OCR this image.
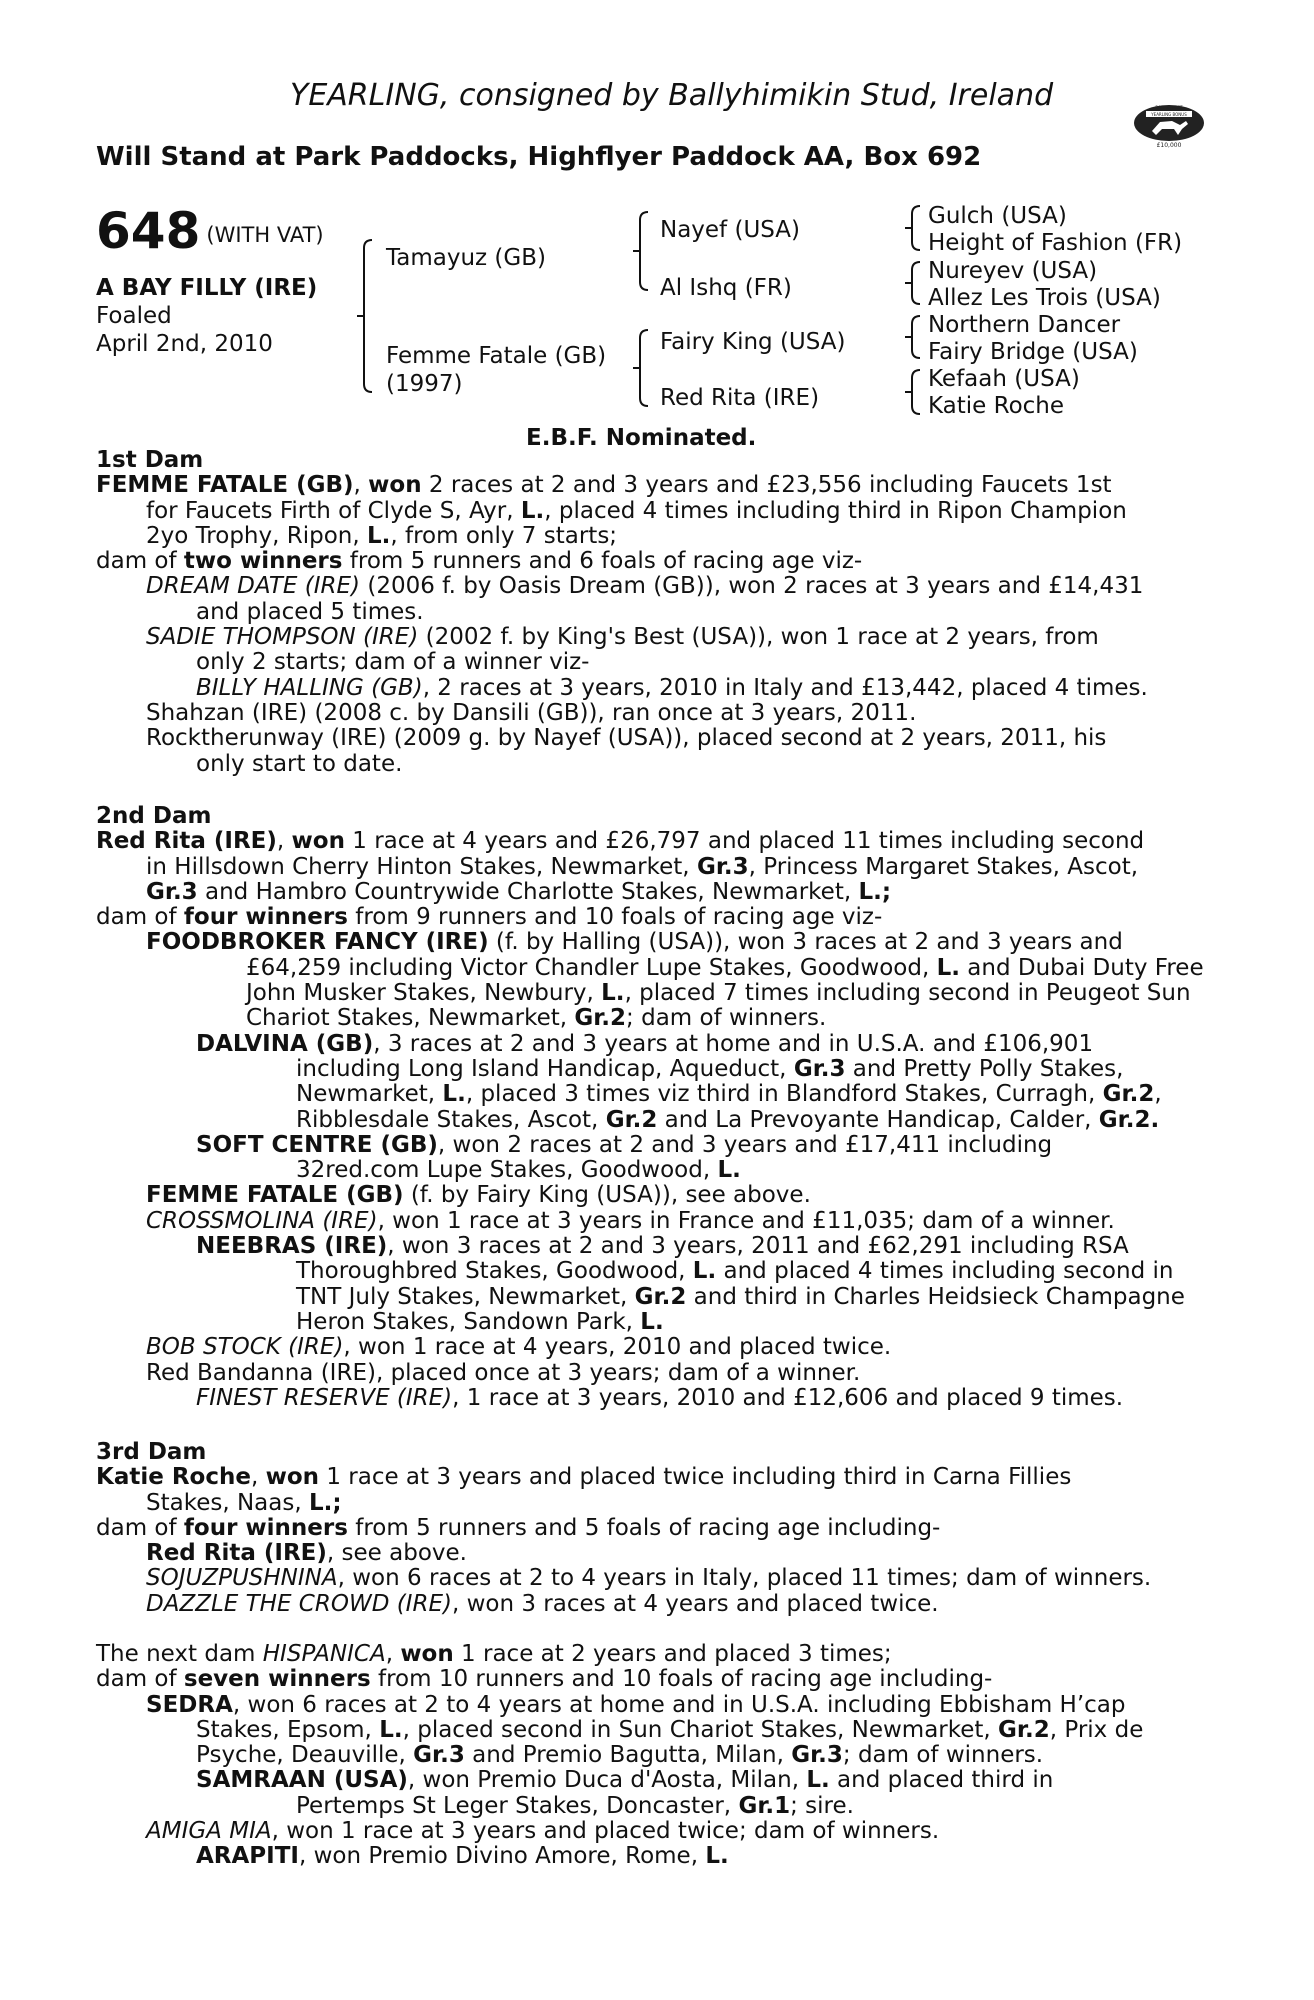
YEARLING, consigned by Ballyhimikin Stud, Ireland
Will Stand at Park Paddocks, Highflyer Paddock AA, Box 692
RACING POST
YEARLING BONUS
£10,000
648 (WITH VAT)
A BAY FILLY (IRE)
Foaled
April 2nd, 2010
Tamayuz (GB)
Femme Fatale (GB)
(1997)
Nayef (USA)
Al Ishq (FR)
Fairy King (USA)
Red Rita (IRE)
Gulch (USA)
Height of Fashion (FR)
Nureyev (USA)
Allez Les Trois (USA)
Northern Dancer
Fairy Bridge (USA)
Kefaah (USA)
Katie Roche
E.B.F. Nominated.
1st Dam
FEMME FATALE (GB), won 2 races at 2 and 3 years and £23,556 including Faucets 1st
for Faucets Firth of Clyde S, Ayr, L., placed 4 times including third in Ripon Champion
2yo Trophy, Ripon, L., from only 7 starts;
dam of two winners from 5 runners and 6 foals of racing age viz-
DREAM DATE (IRE) (2006 f. by Oasis Dream (GB)), won 2 races at 3 years and £14,431
and placed 5 times.
SADIE THOMPSON (IRE) (2002 f. by King's Best (USA)), won 1 race at 2 years, from
only 2 starts; dam of a winner viz-
BILLY HALLING (GB), 2 races at 3 years, 2010 in Italy and £13,442, placed 4 times.
Shahzan (IRE) (2008 c. by Dansili (GB)), ran once at 3 years, 2011.
Rocktherunway (IRE) (2009 g. by Nayef (USA)), placed second at 2 years, 2011, his
only start to date.
2nd Dam
Red Rita (IRE), won 1 race at 4 years and £26,797 and placed 11 times including second
in Hillsdown Cherry Hinton Stakes, Newmarket, Gr.3, Princess Margaret Stakes, Ascot,
Gr.3 and Hambro Countrywide Charlotte Stakes, Newmarket, L.;
dam of four winners from 9 runners and 10 foals of racing age viz-
FOODBROKER FANCY (IRE) (f. by Halling (USA)), won 3 races at 2 and 3 years and
£64,259 including Victor Chandler Lupe Stakes, Goodwood, L. and Dubai Duty Free
John Musker Stakes, Newbury, L., placed 7 times including second in Peugeot Sun
Chariot Stakes, Newmarket, Gr.2; dam of winners.
DALVINA (GB), 3 races at 2 and 3 years at home and in U.S.A. and £106,901
including Long Island Handicap, Aqueduct, Gr.3 and Pretty Polly Stakes,
Newmarket, L., placed 3 times viz third in Blandford Stakes, Curragh, Gr.2,
Ribblesdale Stakes, Ascot, Gr.2 and La Prevoyante Handicap, Calder, Gr.2.
SOFT CENTRE (GB), won 2 races at 2 and 3 years and £17,411 including
32red.com Lupe Stakes, Goodwood, L.
FEMME FATALE (GB) (f. by Fairy King (USA)), see above.
CROSSMOLINA (IRE), won 1 race at 3 years in France and £11,035; dam of a winner.
NEEBRAS (IRE), won 3 races at 2 and 3 years, 2011 and £62,291 including RSA
Thoroughbred Stakes, Goodwood, L. and placed 4 times including second in
TNT July Stakes, Newmarket, Gr.2 and third in Charles Heidsieck Champagne
Heron Stakes, Sandown Park, L.
BOB STOCK (IRE), won 1 race at 4 years, 2010 and placed twice.
Red Bandanna (IRE), placed once at 3 years; dam of a winner.
FINEST RESERVE (IRE), 1 race at 3 years, 2010 and £12,606 and placed 9 times.
3rd Dam
Katie Roche, won 1 race at 3 years and placed twice including third in Carna Fillies
Stakes, Naas, L.;
dam of four winners from 5 runners and 5 foals of racing age including-
Red Rita (IRE), see above.
SOJUZPUSHNINA, won 6 races at 2 to 4 years in Italy, placed 11 times; dam of winners.
DAZZLE THE CROWD (IRE), won 3 races at 4 years and placed twice.
The next dam HISPANICA, won 1 race at 2 years and placed 3 times;
dam of seven winners from 10 runners and 10 foals of racing age including-
SEDRA, won 6 races at 2 to 4 years at home and in U.S.A. including Ebbisham H’cap
Stakes, Epsom, L., placed second in Sun Chariot Stakes, Newmarket, Gr.2, Prix de
Psyche, Deauville, Gr.3 and Premio Bagutta, Milan, Gr.3; dam of winners.
SAMRAAN (USA), won Premio Duca d'Aosta, Milan, L. and placed third in
Pertemps St Leger Stakes, Doncaster, Gr.1; sire.
AMIGA MIA, won 1 race at 3 years and placed twice; dam of winners.
ARAPITI, won Premio Divino Amore, Rome, L.
